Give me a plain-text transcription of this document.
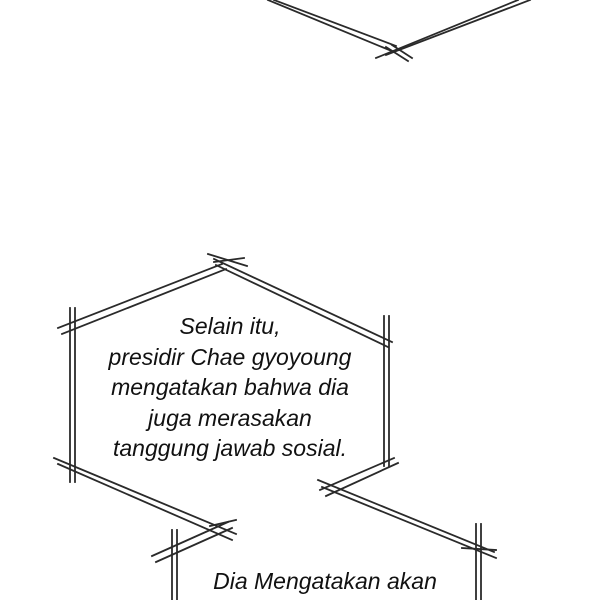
Selain itu,
presidir Chae gyoyoung
mengatakan bahwa dia
juga merasakan
tanggung jawab sosial.

Dia Mengatakan akan
